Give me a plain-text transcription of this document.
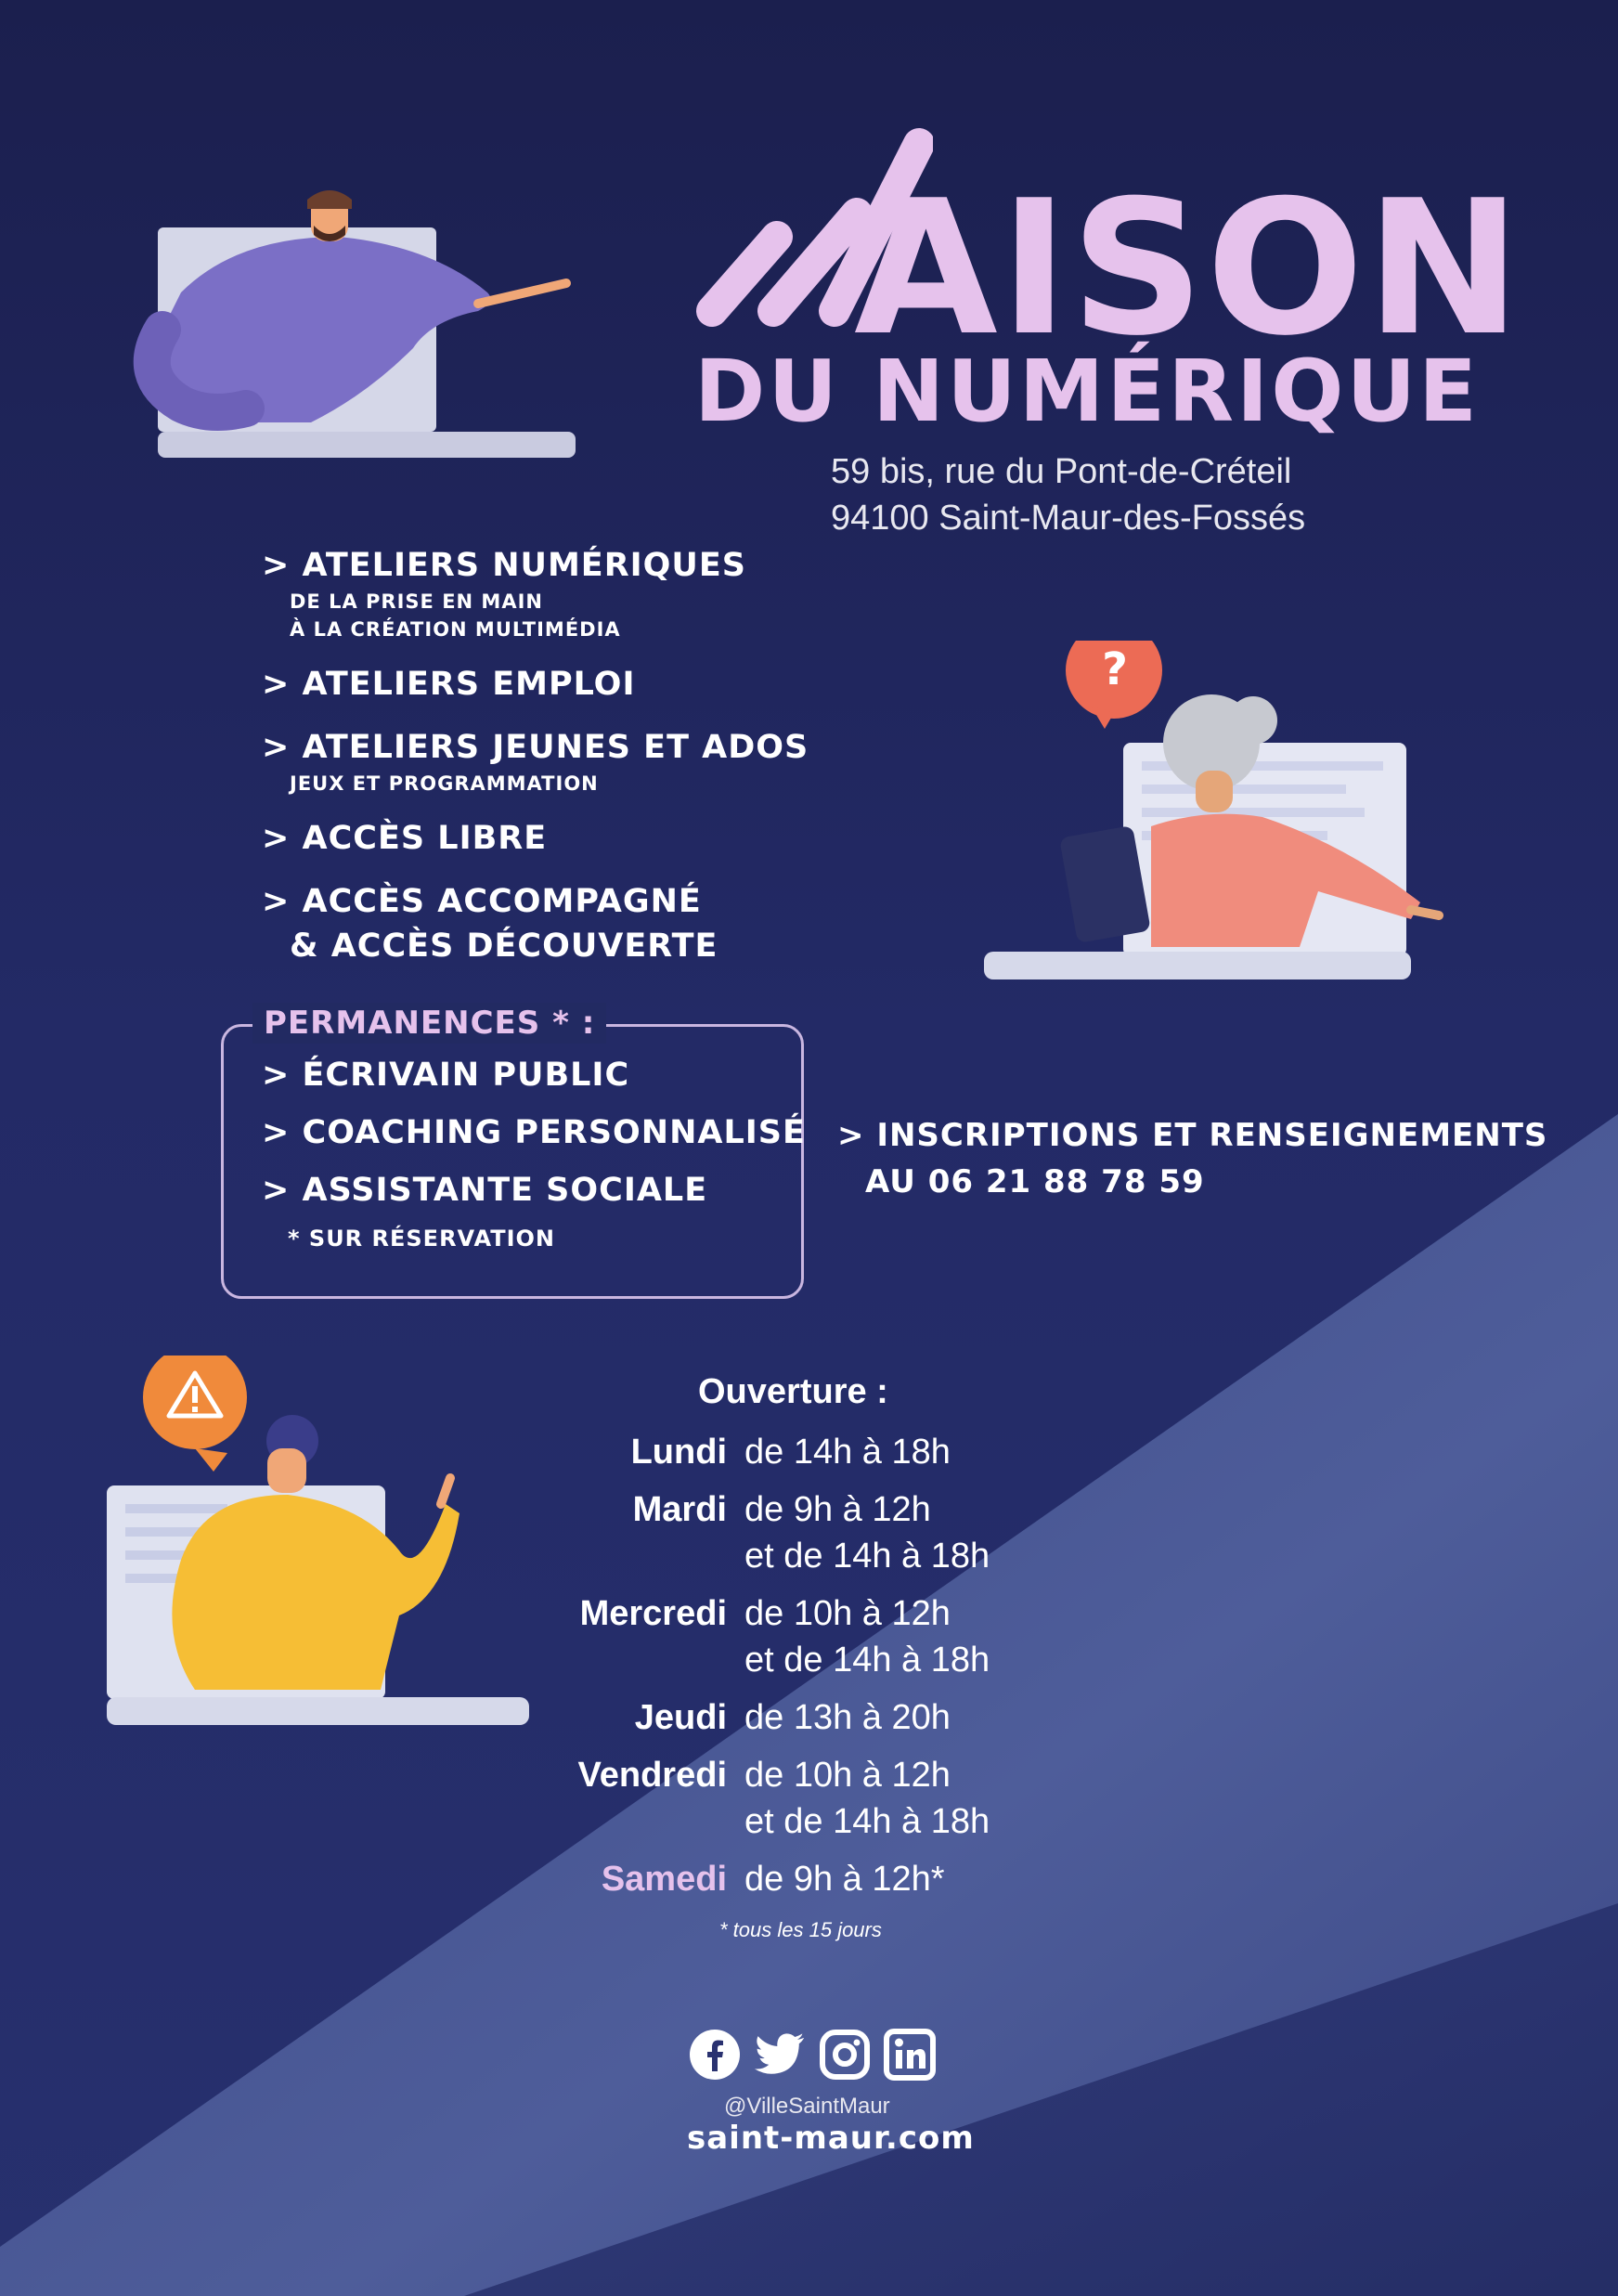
AISON
DU NUMÉRIQUE
59 bis, rue du Pont-de-Créteil
94100 Saint-Maur-des-Fossés
?
> ATELIERS NUMÉRIQUES
DE LA PRISE EN MAIN
À LA CRÉATION MULTIMÉDIA
> ATELIERS EMPLOI
> ATELIERS JEUNES ET ADOS
JEUX ET PROGRAMMATION
> ACCÈS LIBRE
> ACCÈS ACCOMPAGNÉ
& ACCÈS DÉCOUVERTE
PERMANENCES * :
> ÉCRIVAIN PUBLIC
> COACHING PERSONNALISÉ
> ASSISTANTE SOCIALE
* SUR RÉSERVATION
> INSCRIPTIONS ET RENSEIGNEMENTS
AU 06 21 88 78 59
Ouverture :
Lundi de 14h à 18h
Mardi de 9h à 12h
et de 14h à 18h
Mercredi de 10h à 12h
et de 14h à 18h
Jeudi de 13h à 20h
Vendredi de 10h à 12h
et de 14h à 18h
Samedi de 9h à 12h*
* tous les 15 jours
@VilleSaintMaur
saint-maur.com
